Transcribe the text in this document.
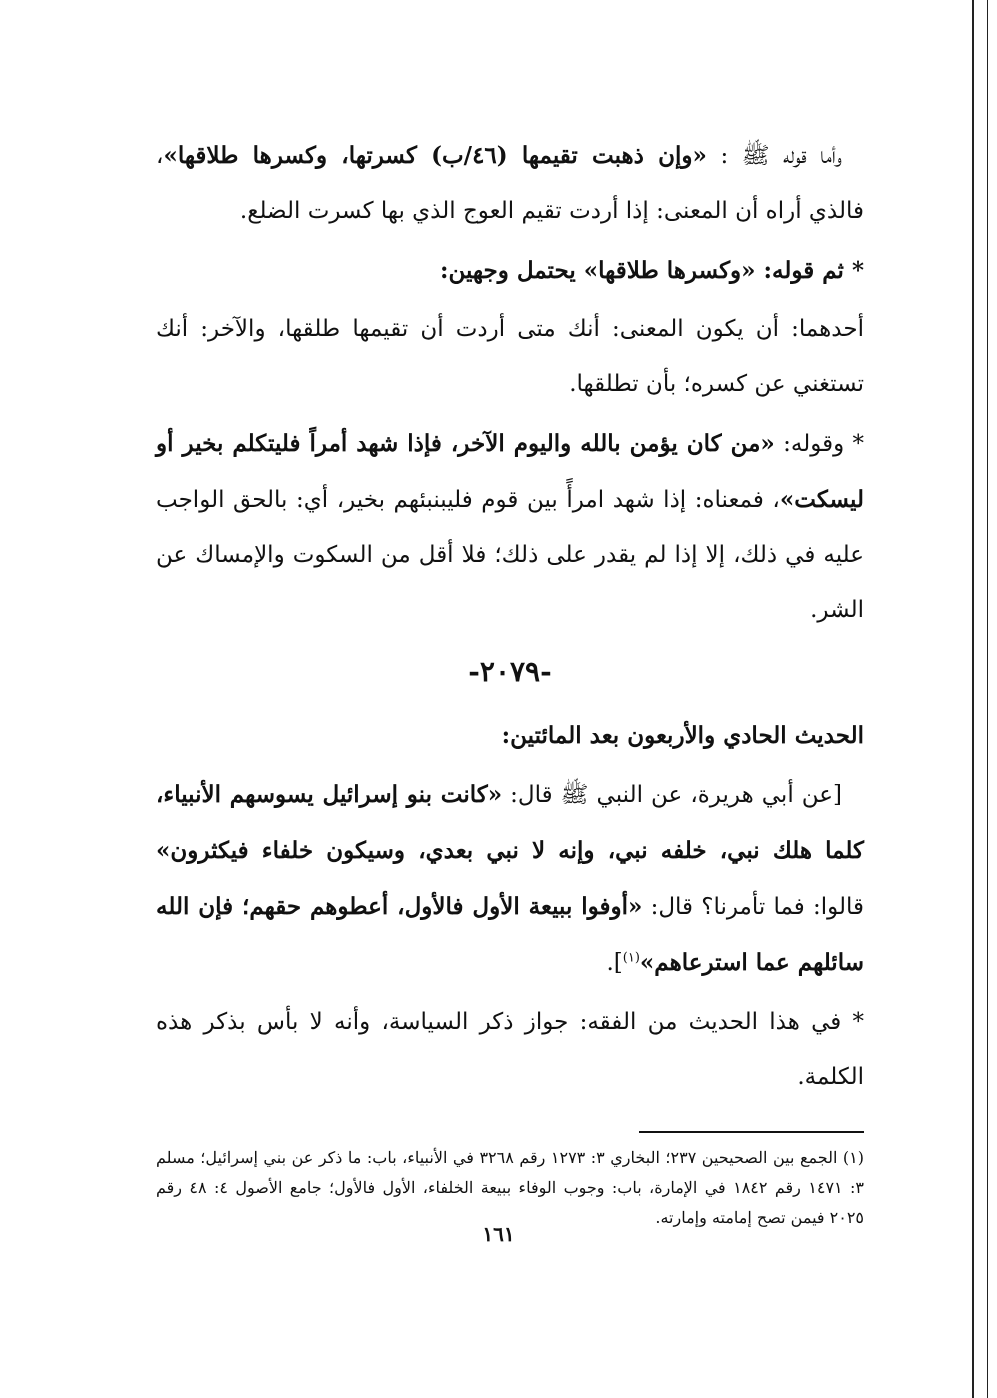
وأما قوله ﷺ : «وإن ذهبت تقيمها (٤٦/ب) كسرتها، وكسرها طلاقها»، فالذي أراه أن المعنى: إذا أردت تقيم العوج الذي بها كسرت الضلع.

* ثم قوله: «وكسرها طلاقها» يحتمل وجهين:

أحدهما: أن يكون المعنى: أنك متى أردت أن تقيمها طلقها، والآخر: أنك تستغني عن كسره؛ بأن تطلقها.

* وقوله: «من كان يؤمن بالله واليوم الآخر، فإذا شهد أمراً فليتكلم بخير أو ليسكت»، فمعناه: إذا شهد امرأً بين قوم فليبنبئهم بخير، أي: بالحق الواجب عليه في ذلك، إلا إذا لم يقدر على ذلك؛ فلا أقل من السكوت والإمساك عن الشر.

-٢٠٧٩-

الحديث الحادي والأربعون بعد المائتين:

[عن أبي هريرة، عن النبي ﷺ قال: «كانت بنو إسرائيل يسوسهم الأنبياء، كلما هلك نبي، خلفه نبي، وإنه لا نبي بعدي، وسيكون خلفاء فيكثرون» قالوا: فما تأمرنا؟ قال: «أوفوا ببيعة الأول فالأول، أعطوهم حقهم؛ فإن الله سائلهم عما استرعاهم»$^{(١)}$].

* في هذا الحديث من الفقه: جواز ذكر السياسة، وأنه لا بأس بذكر هذه الكلمة.

(١) الجمع بين الصحيحين ٢٣٧؛ البخاري ٣: ١٢٧٣ رقم ٣٢٦٨ في الأنبياء، باب: ما ذكر عن بني إسرائيل؛ مسلم ٣: ١٤٧١ رقم ١٨٤٢ في الإمارة، باب: وجوب الوفاء ببيعة الخلفاء، الأول فالأول؛ جامع الأصول ٤: ٤٨ رقم ٢٠٢٥ فيمن تصح إمامته وإمارته.

١٦١
